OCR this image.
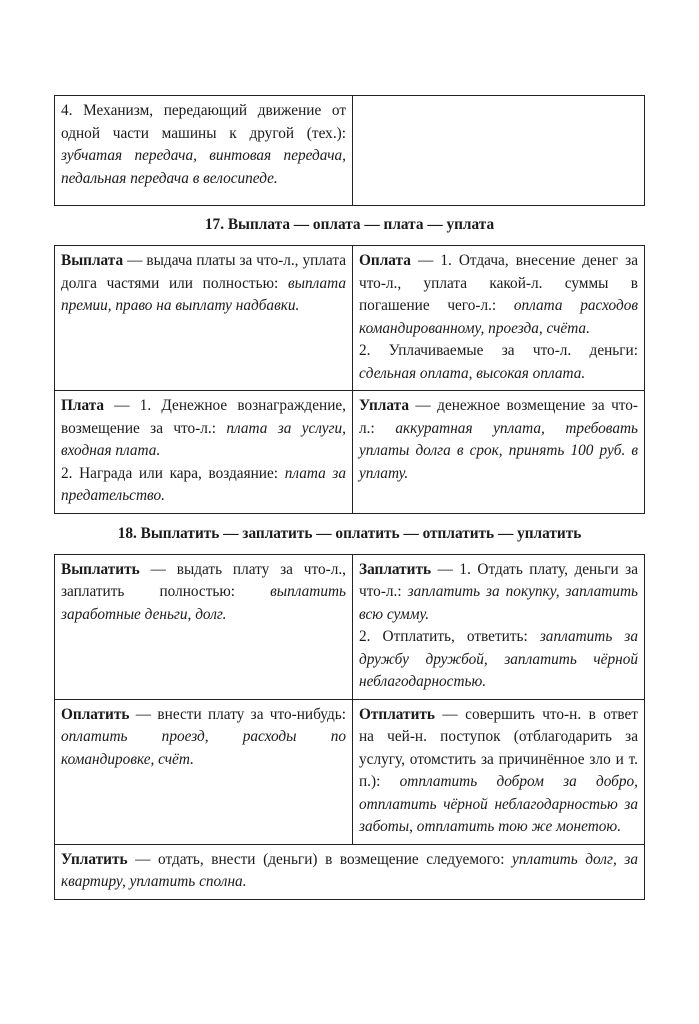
4. Механизм, передающий движение от одной части машины к другой (тех.): зубчатая передача, винтовая передача, педальная передача в велосипеде.	
17. Выплата — оплата — плата — уплата
Выплата — выдача платы за что-л., уплата долга частями или полностью: выплата премии, право на выплату надбавки.	Оплата — 1. Отдача, внесение денег за что-л., уплата какой-л. суммы в погашение чего-л.: оплата расходов командированному, проезда, счёта.
2. Уплачиваемые за что-л. деньги: сдельная оплата, высокая оплата.

Плата — 1. Денежное вознаграждение, возмещение за что-л.: плата за услуги, входная плата.
2. Награда или кара, воздаяние: плата за предательство.	Уплата — денежное возмещение за что-л.: аккуратная уплата, требовать уплаты долга в срок, принять 100 руб. в уплату.
18. Выплатить — заплатить — оплатить — отплатить — уплатить
Выплатить — выдать плату за что-л., заплатить полностью: выплатить заработные деньги, долг.	Заплатить — 1. Отдать плату, деньги за что-л.: заплатить за покупку, заплатить всю сумму.
2. Отплатить, ответить: заплатить за дружбу дружбой, заплатить чёрной неблагодарностью.

Оплатить — внести плату за что-нибудь: оплатить проезд, расходы по командировке, счёт.	Отплатить — совершить что-н. в ответ на чей-н. поступок (отблагодарить за услугу, отомстить за причинённое зло и т. п.): отплатить добром за добро, отплатить чёрной неблагодарностью за заботы, отплатить тою же монетою.
Уплатить — отдать, внести (деньги) в возмещение следуемого: уплатить долг, за квартиру, уплатить сполна.	
